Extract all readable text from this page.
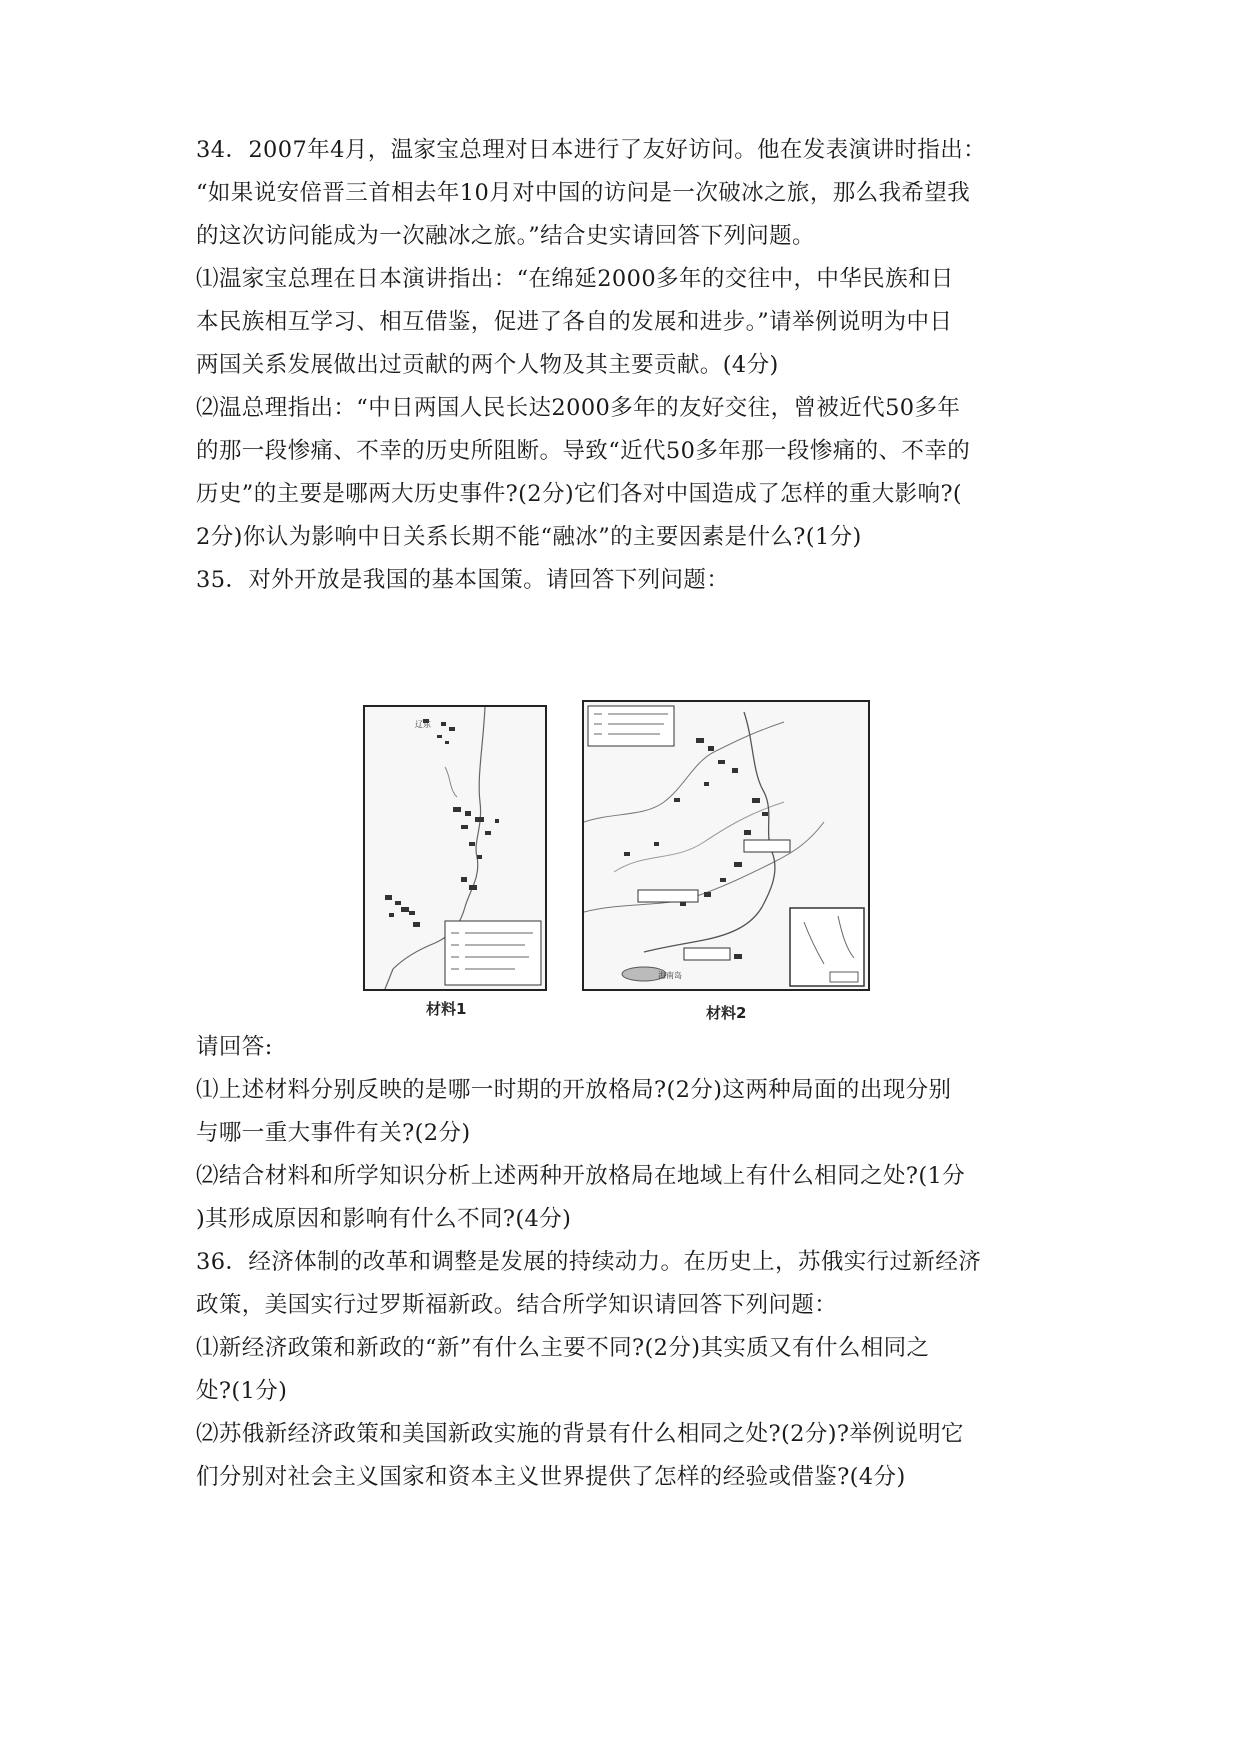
34．2007年4月，温家宝总理对日本进行了友好访问。他在发表演讲时指出：
“如果说安倍晋三首相去年10月对中国的访问是一次破冰之旅，那么我希望我
的这次访问能成为一次融冰之旅。”结合史实请回答下列问题。
⑴温家宝总理在日本演讲指出：“在绵延2000多年的交往中，中华民族和日
本民族相互学习、相互借鉴，促进了各自的发展和进步。”请举例说明为中日
两国关系发展做出过贡献的两个人物及其主要贡献。(4分)
⑵温总理指出：“中日两国人民长达2000多年的友好交往，曾被近代50多年
的那一段惨痛、不幸的历史所阻断。导致“近代50多年那一段惨痛的、不幸的
历史”的主要是哪两大历史事件?(2分)它们各对中国造成了怎样的重大影响?(
2分)你认为影响中日关系长期不能“融冰”的主要因素是什么?(1分)
35．对外开放是我国的基本国策。请回答下列问题：
辽东
海南岛
材料1	材料2
请回答:
⑴上述材料分别反映的是哪一时期的开放格局?(2分)这两种局面的出现分别
与哪一重大事件有关?(2分)
⑵结合材料和所学知识分析上述两种开放格局在地域上有什么相同之处?(1分
)其形成原因和影响有什么不同?(4分)
36．经济体制的改革和调整是发展的持续动力。在历史上，苏俄实行过新经济
政策，美国实行过罗斯福新政。结合所学知识请回答下列问题：
⑴新经济政策和新政的“新”有什么主要不同?(2分)其实质又有什么相同之
处?(1分)
⑵苏俄新经济政策和美国新政实施的背景有什么相同之处?(2分)?举例说明它
们分别对社会主义国家和资本主义世界提供了怎样的经验或借鉴?(4分)
